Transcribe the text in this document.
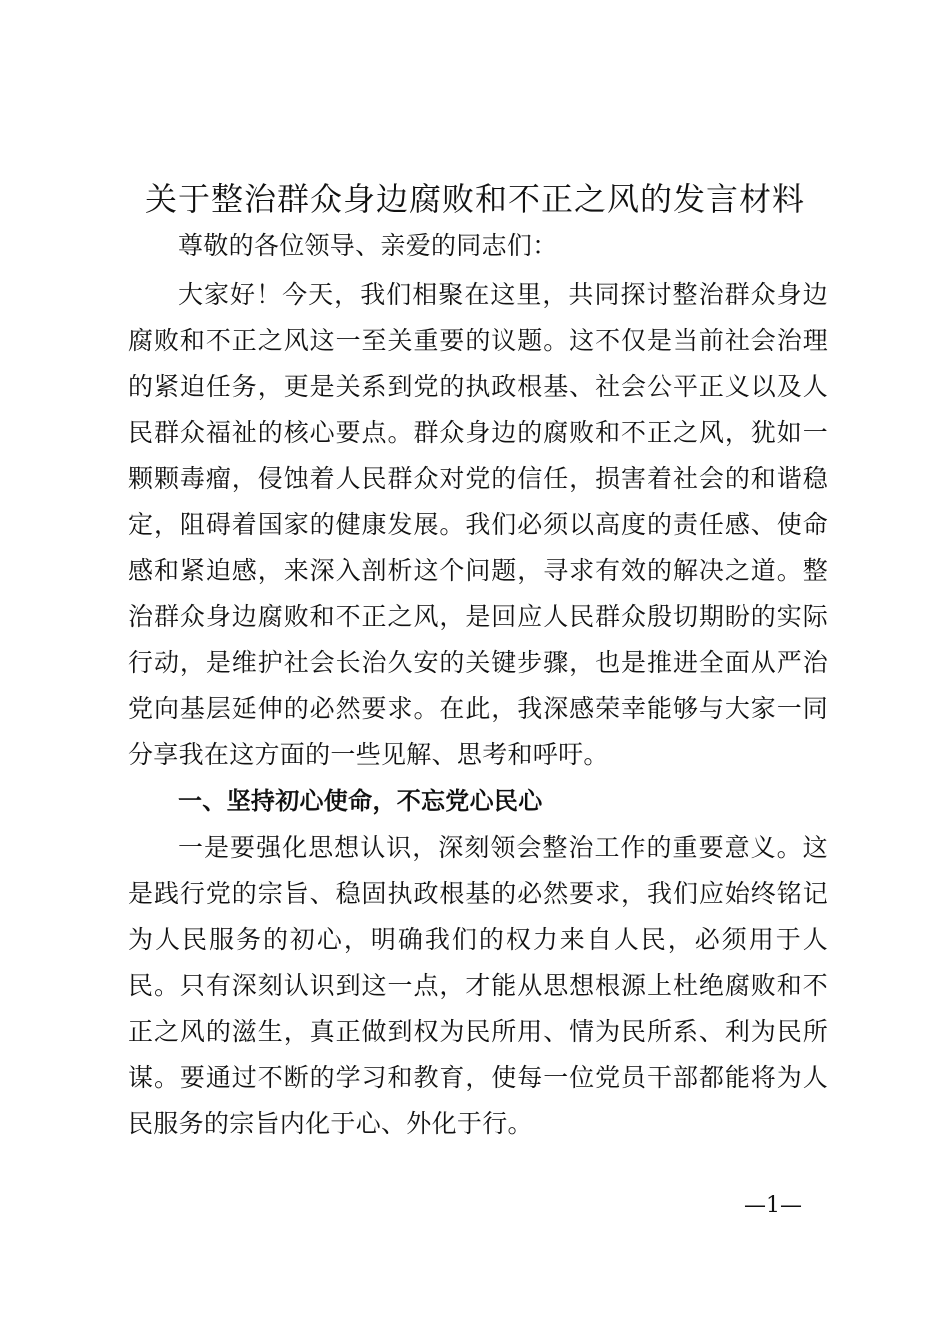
关于整治群众身边腐败和不正之风的发言材料

尊敬的各位领导、亲爱的同志们：

大家好！今天，我们相聚在这里，共同探讨整治群众身边腐败和不正之风这一至关重要的议题。这不仅是当前社会治理的紧迫任务，更是关系到党的执政根基、社会公平正义以及人民群众福祉的核心要点。群众身边的腐败和不正之风，犹如一颗颗毒瘤，侵蚀着人民群众对党的信任，损害着社会的和谐稳定，阻碍着国家的健康发展。我们必须以高度的责任感、使命感和紧迫感，来深入剖析这个问题，寻求有效的解决之道。整治群众身边腐败和不正之风，是回应人民群众殷切期盼的实际行动，是维护社会长治久安的关键步骤，也是推进全面从严治党向基层延伸的必然要求。在此，我深感荣幸能够与大家一同分享我在这方面的一些见解、思考和呼吁。

一、坚持初心使命，不忘党心民心

一是要强化思想认识，深刻领会整治工作的重要意义。这是践行党的宗旨、稳固执政根基的必然要求，我们应始终铭记为人民服务的初心，明确我们的权力来自人民，必须用于人民。只有深刻认识到这一点，才能从思想根源上杜绝腐败和不正之风的滋生，真正做到权为民所用、情为民所系、利为民所谋。要通过不断的学习和教育，使每一位党员干部都能将为人民服务的宗旨内化于心、外化于行。

—1—
